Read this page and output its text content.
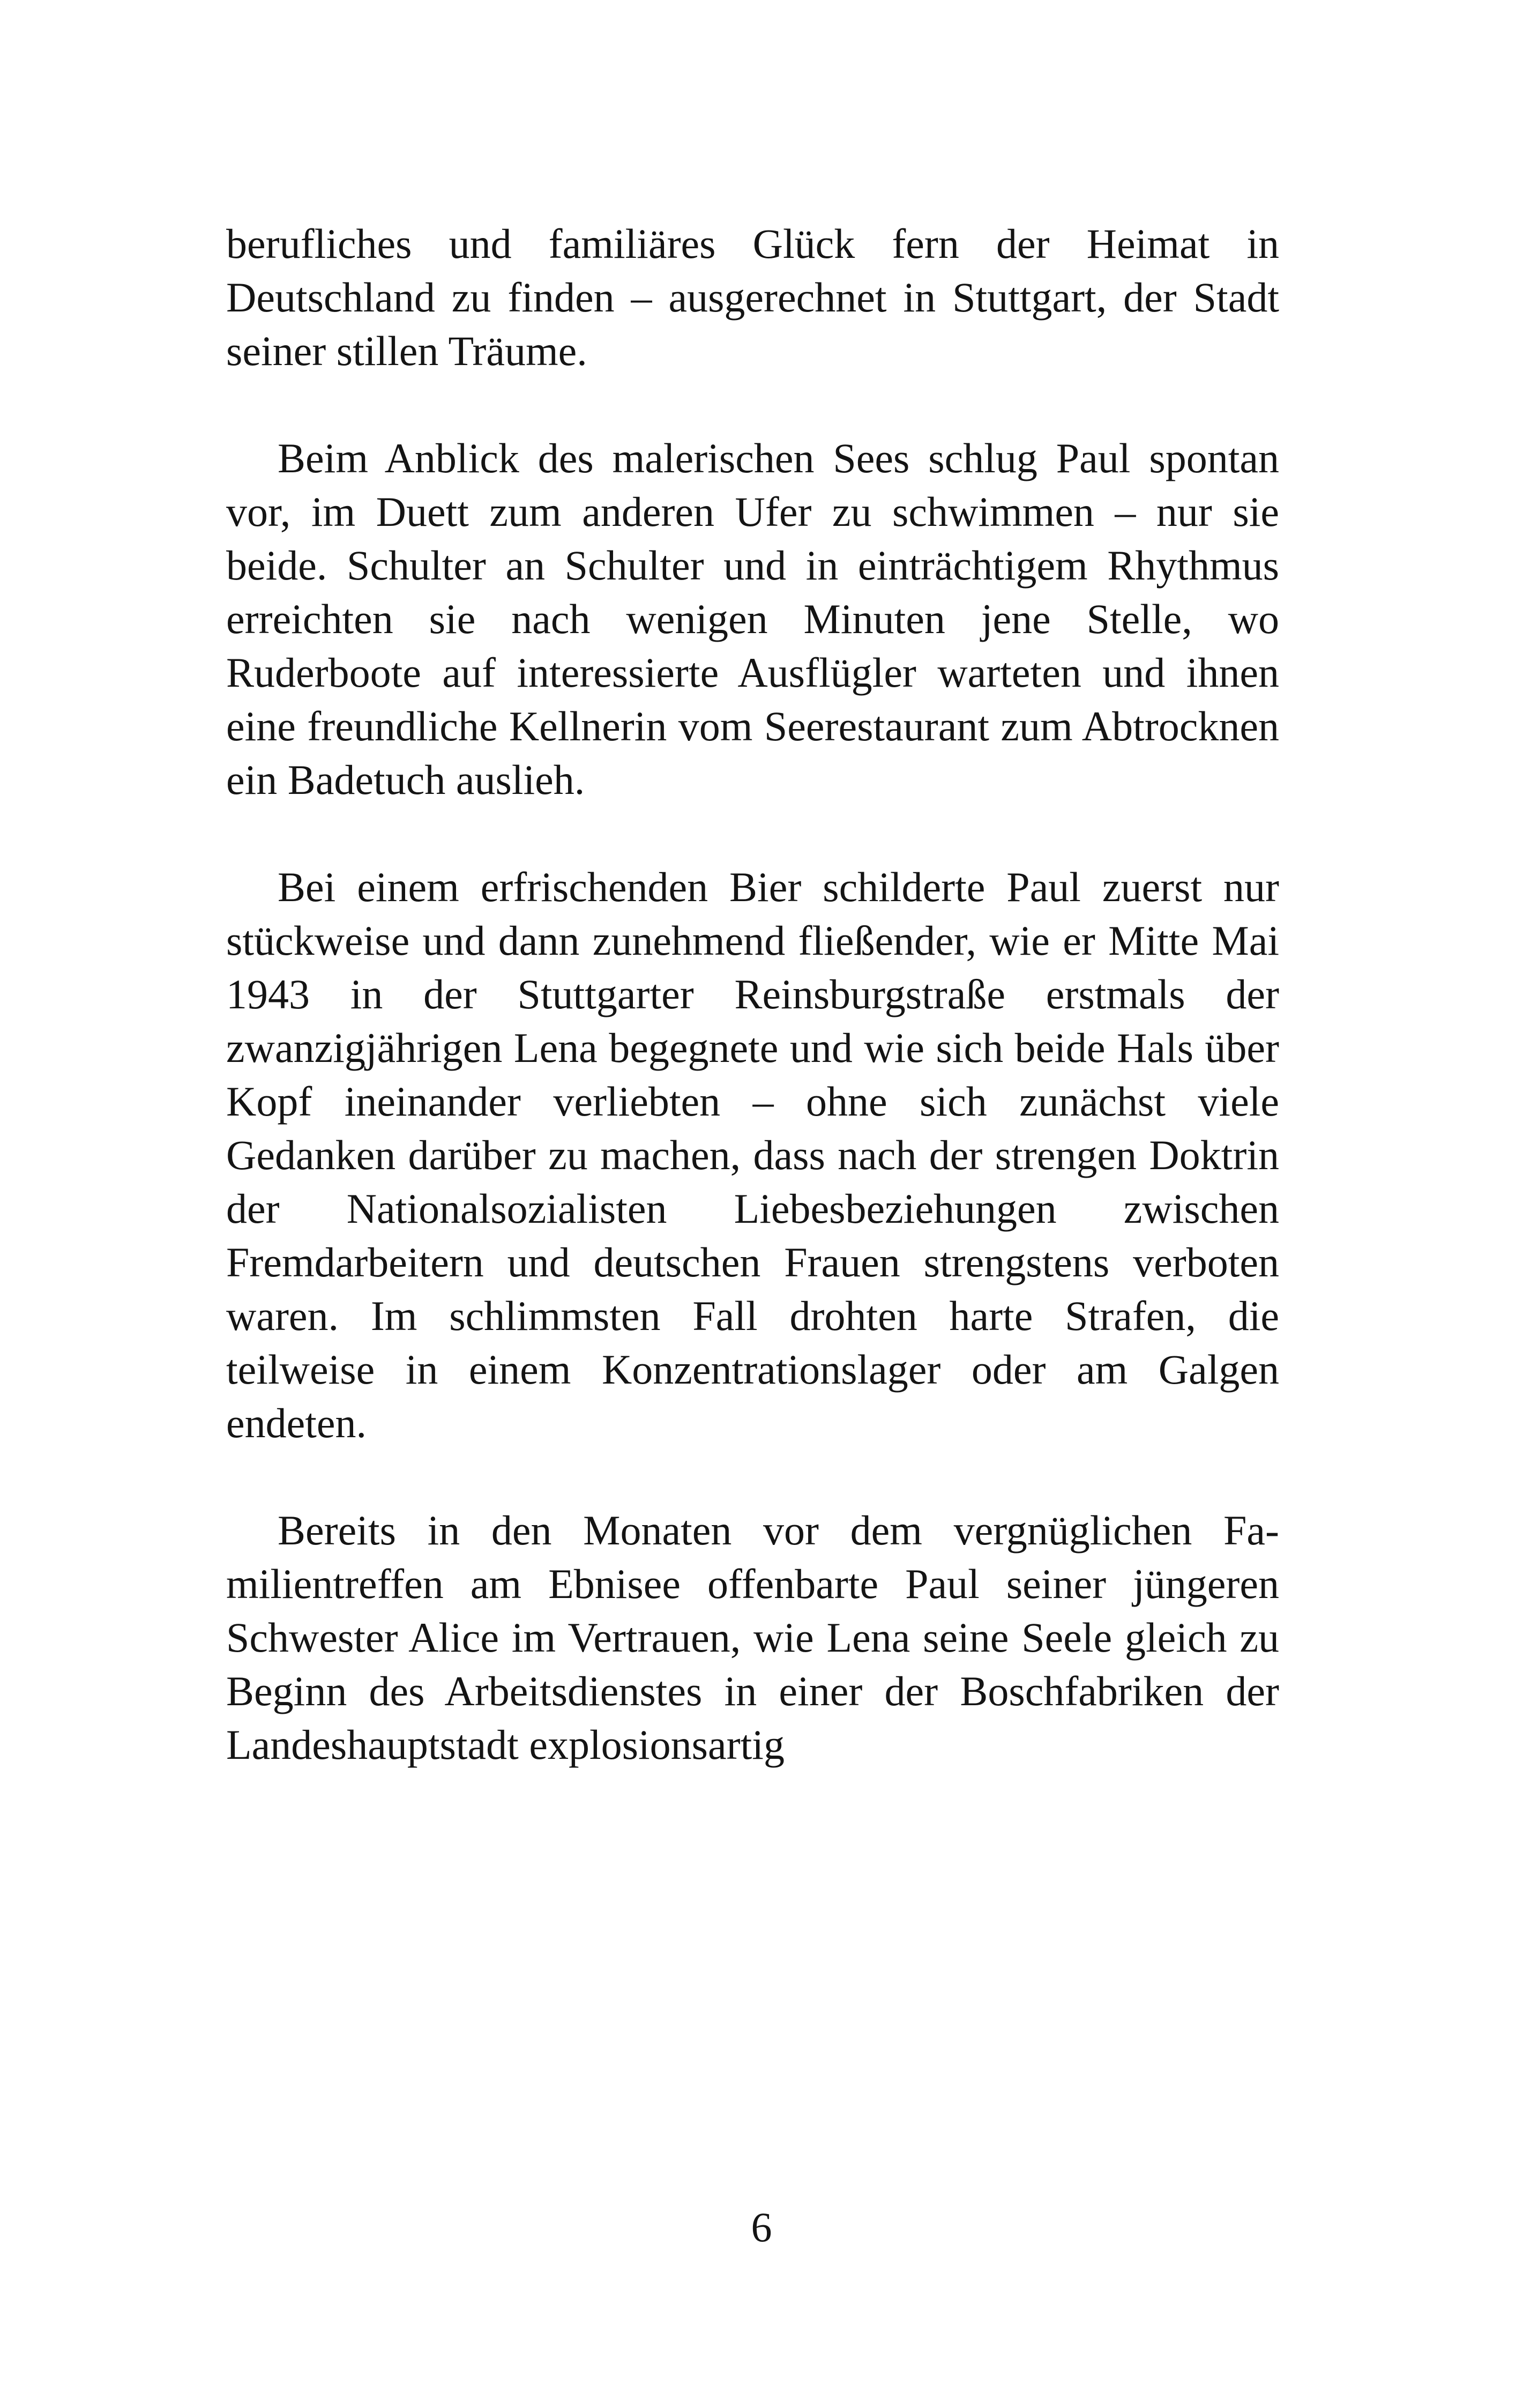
berufliches und familiäres Glück fern der Heimat in Deutschland zu finden – ausgerechnet in Stuttgart, der Stadt seiner stillen Träume.

Beim Anblick des malerischen Sees schlug Paul spontan vor, im Duett zum anderen Ufer zu schwimmen – nur sie beide. Schulter an Schulter und in einträchtigem Rhythmus erreichten sie nach wenigen Minuten jene Stelle, wo Ruderboote auf interessierte Ausflügler warteten und ihnen eine freundliche Kellnerin vom Seerestaurant zum Abtrocknen ein Badetuch auslieh.

Bei einem erfrischenden Bier schilderte Paul zuerst nur stückweise und dann zunehmend fließender, wie er Mitte Mai 1943 in der Stuttgarter Reinsburgstraße erstmals der zwanzigjährigen Lena begegnete und wie sich beide Hals über Kopf ineinander verliebten – ohne sich zunächst viele Gedanken darüber zu machen, dass nach der strengen Doktrin der Nationalsozialisten Liebesbeziehungen zwischen Fremdarbeitern und deutschen Frauen strengstens verboten waren. Im schlimmsten Fall drohten harte Strafen, die teilweise in einem Konzentrationslager oder am Galgen endeten.

Bereits in den Monaten vor dem vergnüglichen Familientreffen am Ebnisee offenbarte Paul seiner jüngeren Schwester Alice im Vertrauen, wie Lena seine Seele gleich zu Beginn des Arbeitsdienstes in einer der Boschfabriken der Landeshauptstadt explosionsartig

6
